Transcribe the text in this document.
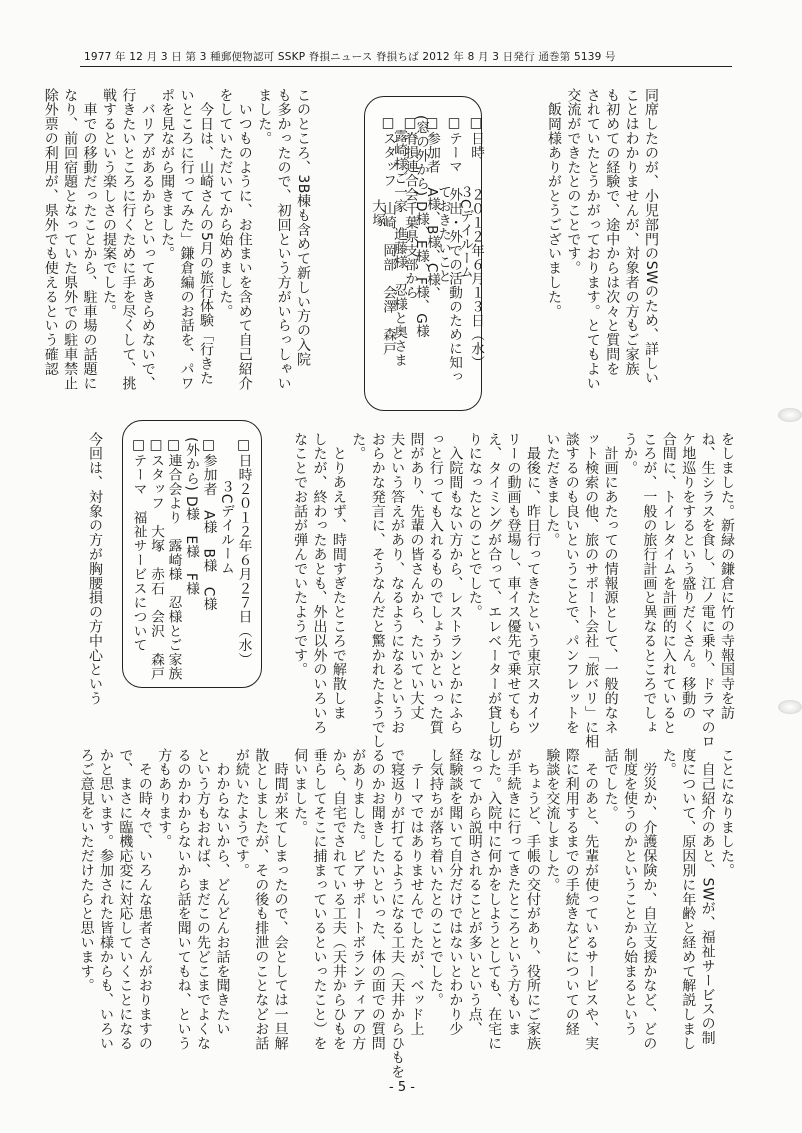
1977 年 12 月 3 日 第 3 種郵便物認可 SSKP 脊損ニュース 脊損ちば 2012 年 8 月 3 日発行 通巻第 5139 号
同席したのが、小児部門のSWのため、詳しい
ことはわかりませんが、対象者の方もご家族
も初めての経験で、途中からは次々と質問を
されていたとうかがっております。とてもよい
交流ができたとのことです。
　飯岡様ありがとうございました。
□日時　　２０１２年６月１３日（水）
　　　　　３Cデイルーム
□テーマ　外出・外での活動のために知っ
　　　　　ておきたいこと
□参加者　A様、B様、C様、
(窓の外から) D様、E様、F様、G様
□脊損連合会千葉県支部から
　露崎様ご一家　進藤様　忍様と奥さま
□スタッフ　山崎　岡部　会澤　森戸
　　　　　　大塚
このところ、3B棟も含めて新しい方の入院
も多かったので、初回という方がいらっしゃい
ました。
　いつものように、お住まいを含めて自己紹介
をしていただいてから始めました。
　今日は、山崎さんの5月の旅行体験「行きた
いところに行ってみた」鎌倉編のお話を、パワ
ポを見ながら聞きました。
　バリアがあるからといってあきらめないで、
行きたいところに行くために手を尽くして、挑
戦するという楽しさの提案でした。
　車での移動だったことから、駐車場の話題に
なり、前回宿題となっていた県外での駐車禁止
除外票の利用が、県外でも使えるという確認
をしました。新緑の鎌倉に竹の寺報国寺を訪
ね、生シラスを食し、江ノ電に乗り、ドラマのロ
ケ地巡りをするという盛りだくさん。移動の
合間に、トイレタイムを計画的に入れていると
ころが、一般の旅行計画と異なるところでしょ
うか。
　計画にあたっての情報源として、一般的なネ
ット検索の他、旅のサポート会社「旅バリ」に相
談するのも良いということで、パンフレットを
いただきました。
　最後に、昨日行ってきたという東京スカイツ
リーの動画も登場し、車イス優先で乗せてもら
え、タイミングが合って、エレベーターが貸し切
りになったとのことでした。
　入院間もない方から、レストランとかにふら
っと行っても入れるものでしょうかといった質
問があり、先輩の皆さんから、たいてい大丈
夫という答えがあり、なるようになるというお
おらかな発言に、そうなんだと驚かれたようでし
た。
　とりあえず、時間すぎたところで解散しま
したが、終わったあとも、外出以外のいろいろ
なことでお話が弾んでいたようです。
□日時２０１２年６月２７日（水）
　　　３Cデイルーム
□参加者　A様　B様　C様
(外から) D様　E様　F様
□連合会より　露崎様　忍様とご家族
□スタッフ　大塚　赤石　会沢　森戸
□テーマ　福祉サービスについて
今回は、対象の方が胸腰損の方中心という
ことになりました。
　自己紹介のあと、SWが、福祉サービスの制
度について、原因別に年齢と経めて解説しまし
た。
　労災か、介護保険か、自立支援かなど、どの
制度を使うのかということから始まるという
話でした。
　そのあと、先輩が使っているサービスや、実
際に利用するまでの手続きなどについての経
験談を交流しました。
　ちょうど、手帳の交付があり、役所にご家族
が手続きに行ってきたところという方もいま
した。入院中に何かをしようとしても、在宅に
なってから説明されることが多いという点、
経験談を聞いて自分だけではないとわかり少
し気持ちが落ち着いたとのことでした。
　テーマではありませんでしたが、ベッド上
で寝返りが打てるようになる工夫（天井からひもを
るのかお聞きしたいといった、体の面での質問
がありました。ピアサポートボランティアの方
から、自宅でされている工夫（天井からひもを
垂らしてそこに捕まっているといったこと）を
伺いました。
　時間が来てしまったので、会としては一旦解
散としましたが、その後も排泄のことなどお話
が続いたようです。
　わからないから、どんどんお話を聞きたい
という方もおれば、まだこの先どこまでよくな
るのかわからないから話を聞いてもね、という
方もあります。
　その時々で、いろんな患者さんがおりますの
で、まさに臨機応変に対応していくことになる
かと思います。参加された皆様からも、いろい
ろご意見をいただけたらと思います。
- 5 -
